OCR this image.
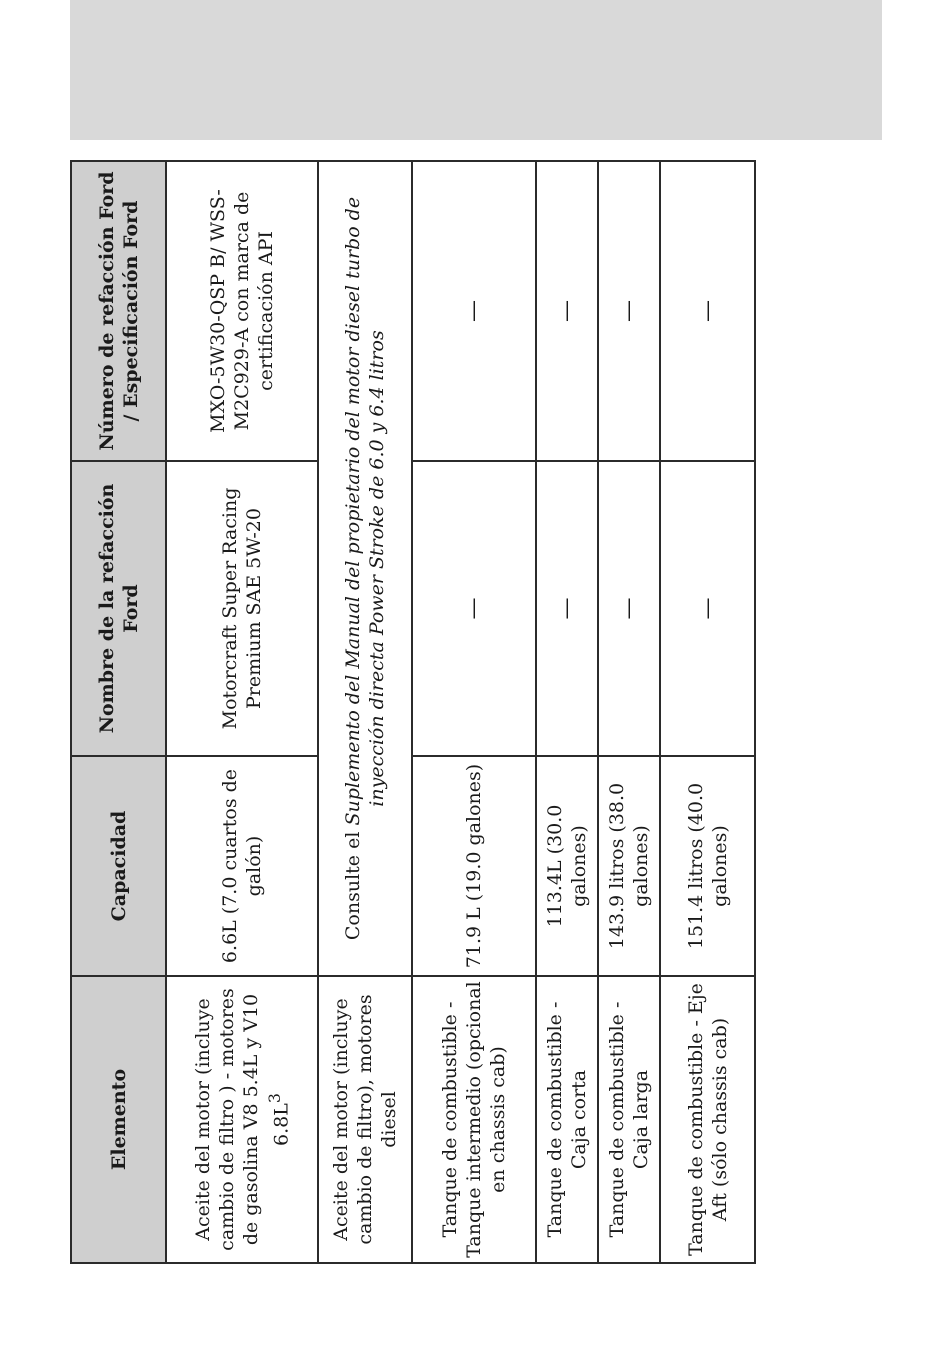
Elemento	Capacidad	Nombre de la refacción Ford	Número de refacción Ford / Especificación Ford
Aceite del motor (incluye cambio de filtro ) - motores de gasolina V8 5.4L y V10 $6.8L^3$	6.6L (7.0 cuartos de galón)	Motorcraft Super Racing Premium SAE 5W-20	MXO-5W30-QSP B/ WSS-M2C929-A con marca de certificación API
Aceite del motor (incluye cambio de filtro), motores diesel	Consulte el Suplemento del Manual del propietario del motor diesel turbo de inyección directa Power Stroke de 6.0 y 6.4 litros		
Tanque de combustible - Tanque intermedio (opcional en chassis cab)	71.9 L (19.0 galones)	—	—
Tanque de combustible - Caja corta	113.4L (30.0 galones)	—	—
Tanque de combustible - Caja larga	143.9 litros (38.0 galones)	—	—
Tanque de combustible - Eje Aft (sólo chassis cab)	151.4 litros (40.0 galones)	—	—
